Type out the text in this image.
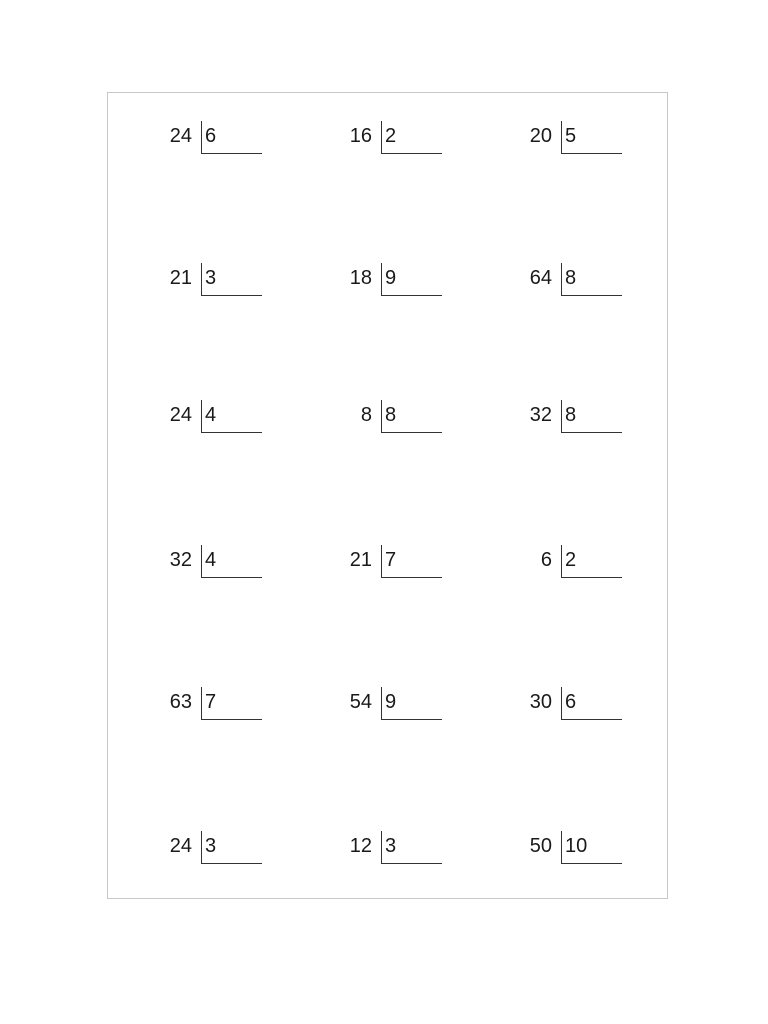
24 6	16 2	20 5
21 3	18 9	64 8
24 4	8 8	32 8
32 4	21 7	6 2
63 7	54 9	30 6
24 3	12 3	50 10
